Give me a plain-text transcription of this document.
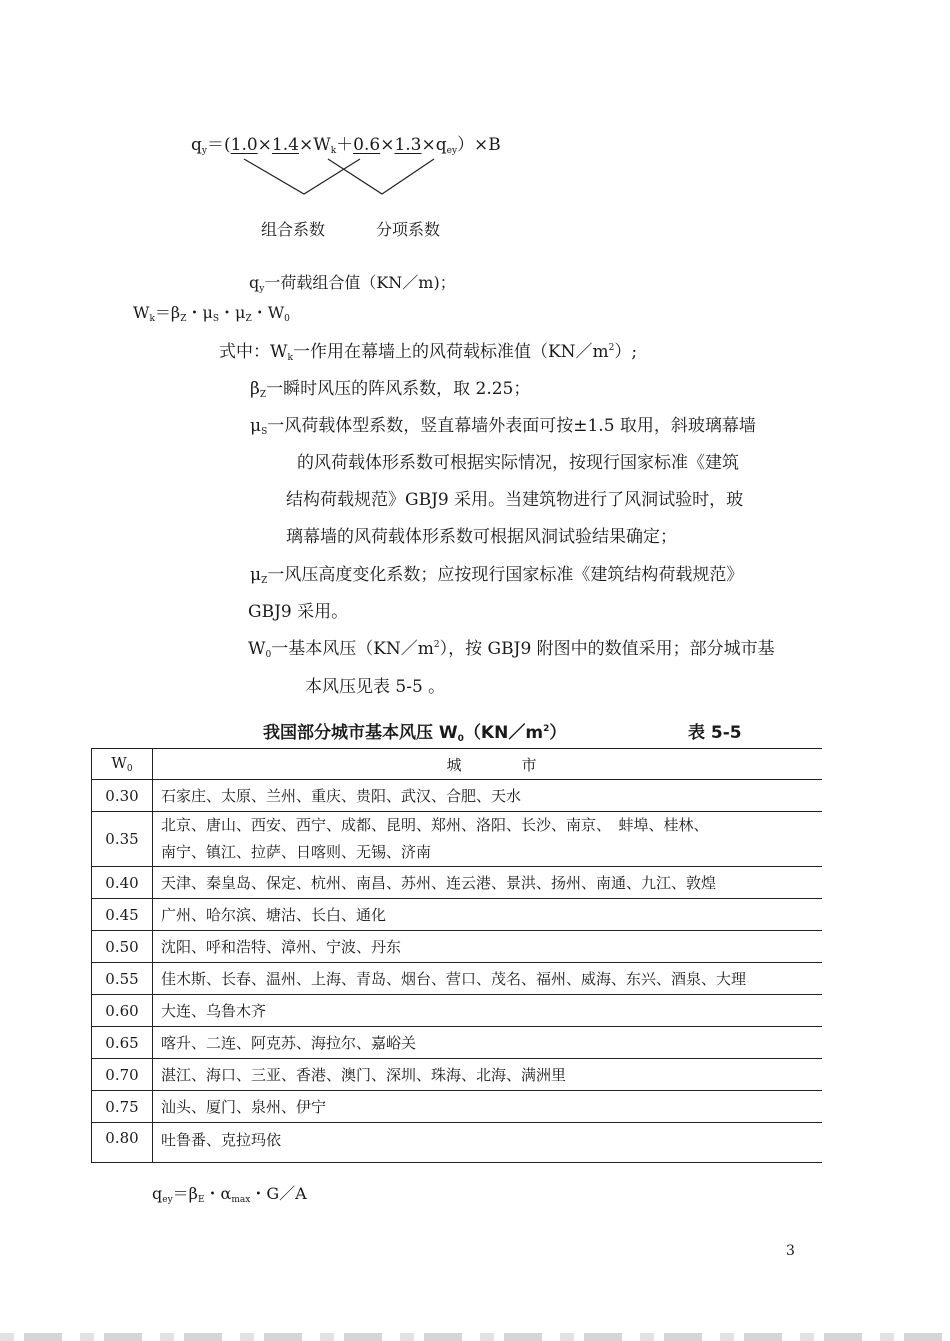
$q_y=(1.0\times 1.4\times W_k+0.6\times 1.3\times q_{ey})\times B$
组合系数	分项系数
$q_y$一荷载组合值（KN／m)；
$W_k=\beta_Z$・$\mu_S$・$\mu_Z$・$W_0$
式中：$W_k$一作用在幕墙上的风荷载标准值$(KN/m^2)$;
$\beta_Z$一瞬时风压的阵风系数，取 2.25；
$\mu_S$一风荷载体型系数，竖直幕墙外表面可按±1.5 取用，斜玻璃幕墙
的风荷载体形系数可根据实际情况，按现行国家标准《建筑
结构荷载规范》GBJ9 采用。当建筑物进行了风洞试验时，玻
璃幕墙的风荷载体形系数可根据风洞试验结果确定；
$\mu_Z$一风压高度变化系数；应按现行国家标准《建筑结构荷载规范》
GBJ9 采用。
$W_0$一基本风压$(KN/m^2)$，按 GBJ9 附图中的数值采用；部分城市基
本风压见表 5-5 。
我国部分城市基本风压 $W_0(KN/m^2)$	表 5-5
$W_0$	城　　　　市
0.30	石家庄、太原、兰州、重庆、贵阳、武汉、合肥、天水
0.35	北京、唐山、西安、西宁、成都、昆明、郑州、洛阳、长沙、南京、　蚌埠、桂林、
南宁、镇江、拉萨、日喀则、无锡、济南

0.40	天津、秦皇岛、保定、杭州、南昌、苏州、连云港、景洪、扬州、南通、九江、敦煌
0.45	广州、哈尔滨、塘沽、长白、通化
0.50	沈阳、呼和浩特、漳州、宁波、丹东
0.55	佳木斯、长春、温州、上海、青岛、烟台、营口、茂名、福州、威海、东兴、酒泉、大理
0.60	大连、乌鲁木齐
0.65	喀升、二连、阿克苏、海拉尔、嘉峪关
0.70	湛江、海口、三亚、香港、澳门、深圳、珠海、北海、满洲里
0.75	汕头、厦门、泉州、伊宁
0.80	吐鲁番、克拉玛依
$q_{ey}=\beta_E$・$\alpha_{max}$・G／A
3
